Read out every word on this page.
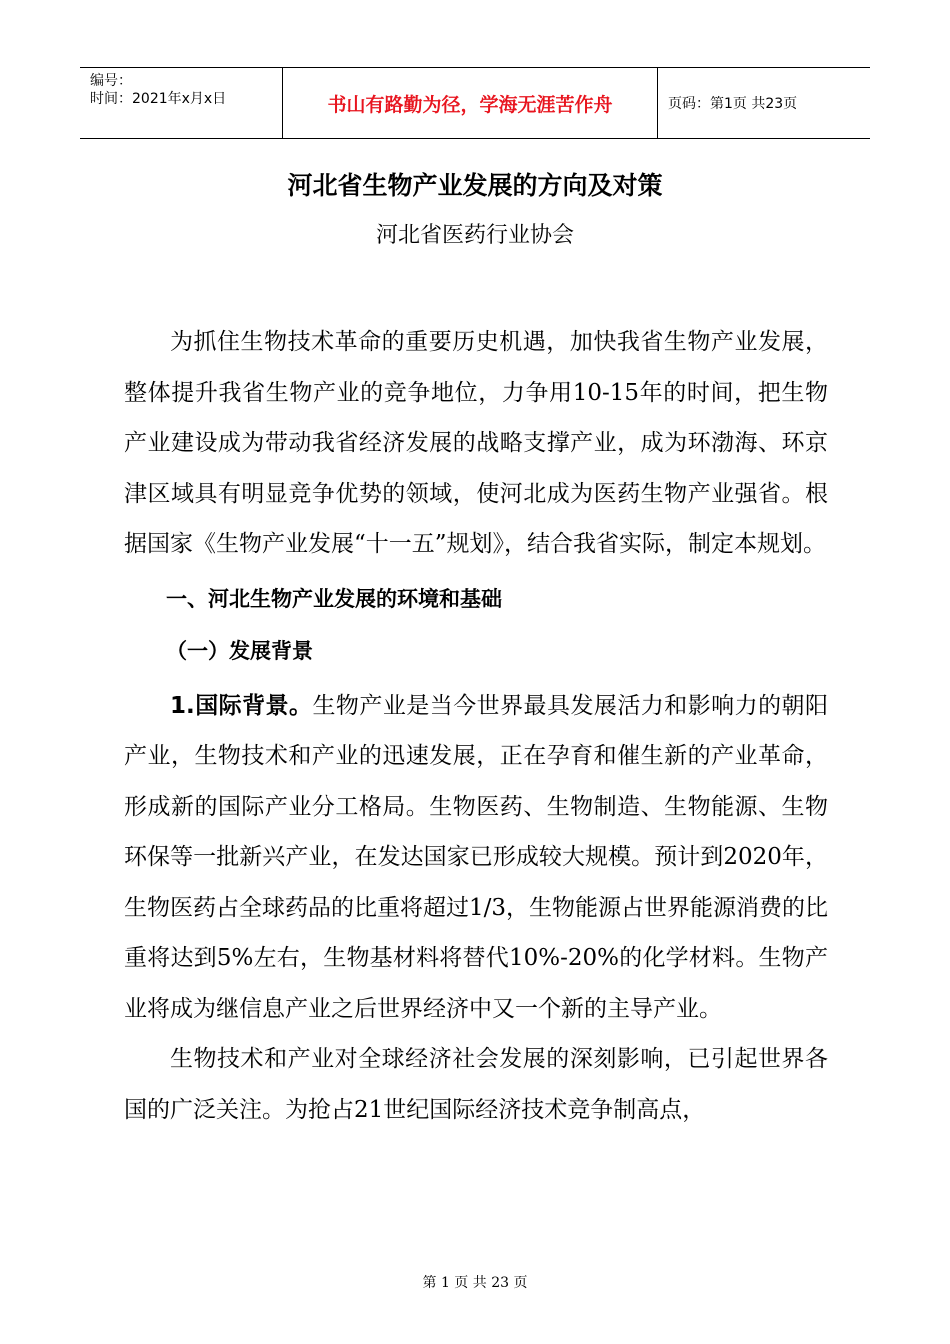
编号：
时间：2021年x月x日	书山有路勤为径，学海无涯苦作舟	页码：第1页 共23页
河北省生物产业发展的方向及对策
河北省医药行业协会

为抓住生物技术革命的重要历史机遇，加快我省生物产业发展，整体提升我省生物产业的竞争地位，力争用10-15年的时间，把生物产业建设成为带动我省经济发展的战略支撑产业，成为环渤海、环京津区域具有明显竞争优势的领域，使河北成为医药生物产业强省。根据国家《生物产业发展“十一五”规划》，结合我省实际，制定本规划。

一、河北生物产业发展的环境和基础

（一）发展背景

1.国际背景。生物产业是当今世界最具发展活力和影响力的朝阳产业，生物技术和产业的迅速发展，正在孕育和催生新的产业革命，形成新的国际产业分工格局。生物医药、生物制造、生物能源、生物环保等一批新兴产业，在发达国家已形成较大规模。预计到2020年，生物医药占全球药品的比重将超过1/3，生物能源占世界能源消费的比重将达到5%左右，生物基材料将替代10%-20%的化学材料。生物产业将成为继信息产业之后世界经济中又一个新的主导产业。

生物技术和产业对全球经济社会发展的深刻影响，已引起世界各国的广泛关注。为抢占21世纪国际经济技术竞争制高点，

第 1 页 共 23 页
